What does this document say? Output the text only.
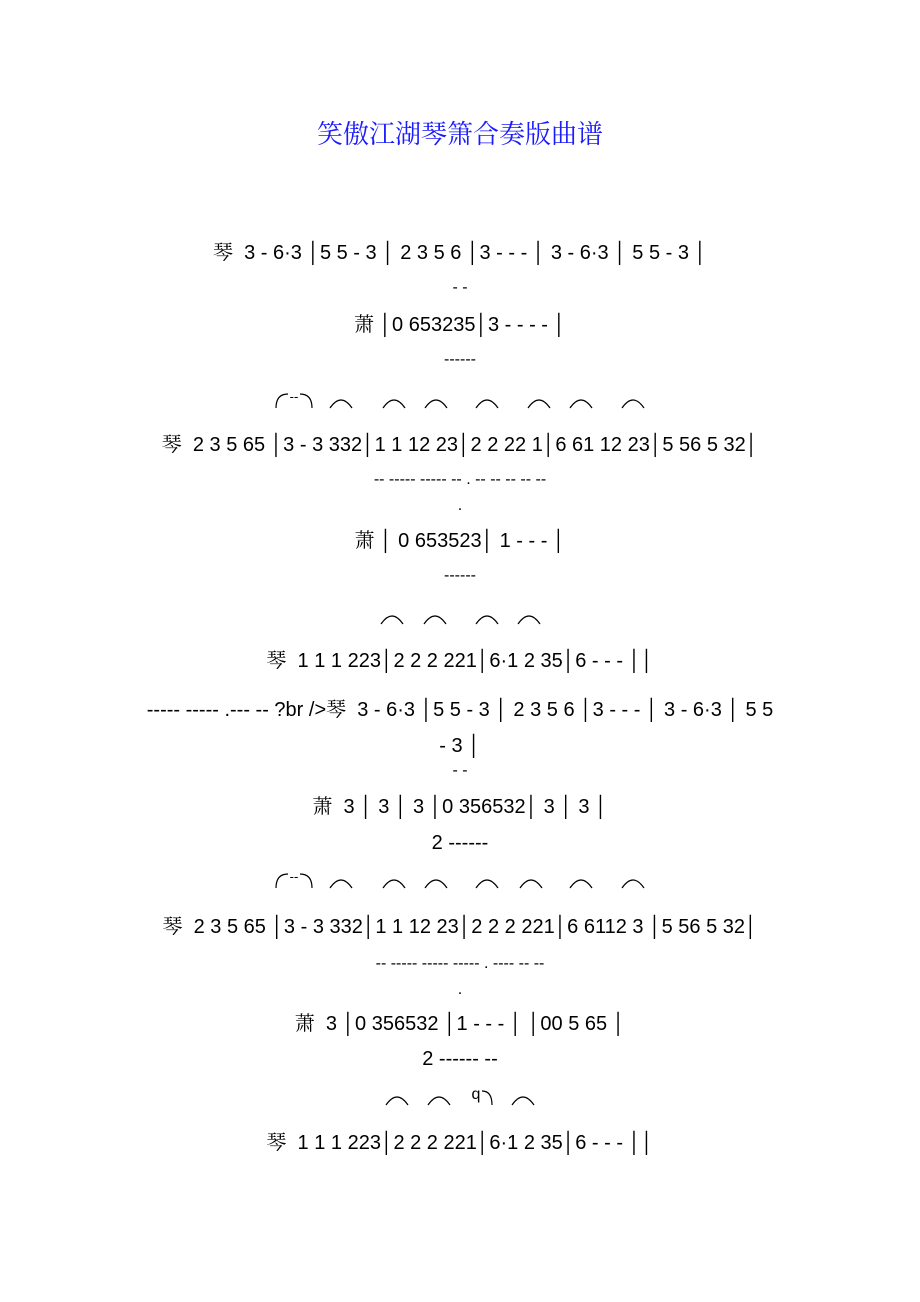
笑傲江湖琴箫合奏版曲谱
琴  3 - 6·3 │5 5 - 3 │ 2 3 5 6 │3 - - - │ 3 - 6·3 │ 5 5 - 3 │
- -
萧 │0 653235│3 - - - - │
------
--
琴  2 3 5 65 │3 - 3 332│1 1 12 23│2 2 22 1│6 61 12 23│5 56 5 32│
-- ----- ----- -- . -- -- -- -- --
.
萧 │ 0 653523│ 1 - - - │
------
琴  1 1 1 223│2 2 2 221│6·1 2 35│6 - - - ││
----- ----- .--- -- ?br />琴  3 - 6·3 │5 5 - 3 │ 2 3 5 6 │3 - - - │ 3 - 6·3 │ 5 5
- 3 │
- -
萧  3 │ 3 │ 3 │0 356532│ 3 │ 3 │
2 ------
--
琴  2 3 5 65 │3 - 3 332│1 1 12 23│2 2 2 221│6 6112 3 │5 56 5 32│
-- ----- ----- ----- . ---- -- --
.
萧  3 │0 356532 │1 - - - │ │00 5 65 │
2 ------ --
q
琴  1 1 1 223│2 2 2 221│6·1 2 35│6 - - - ││
